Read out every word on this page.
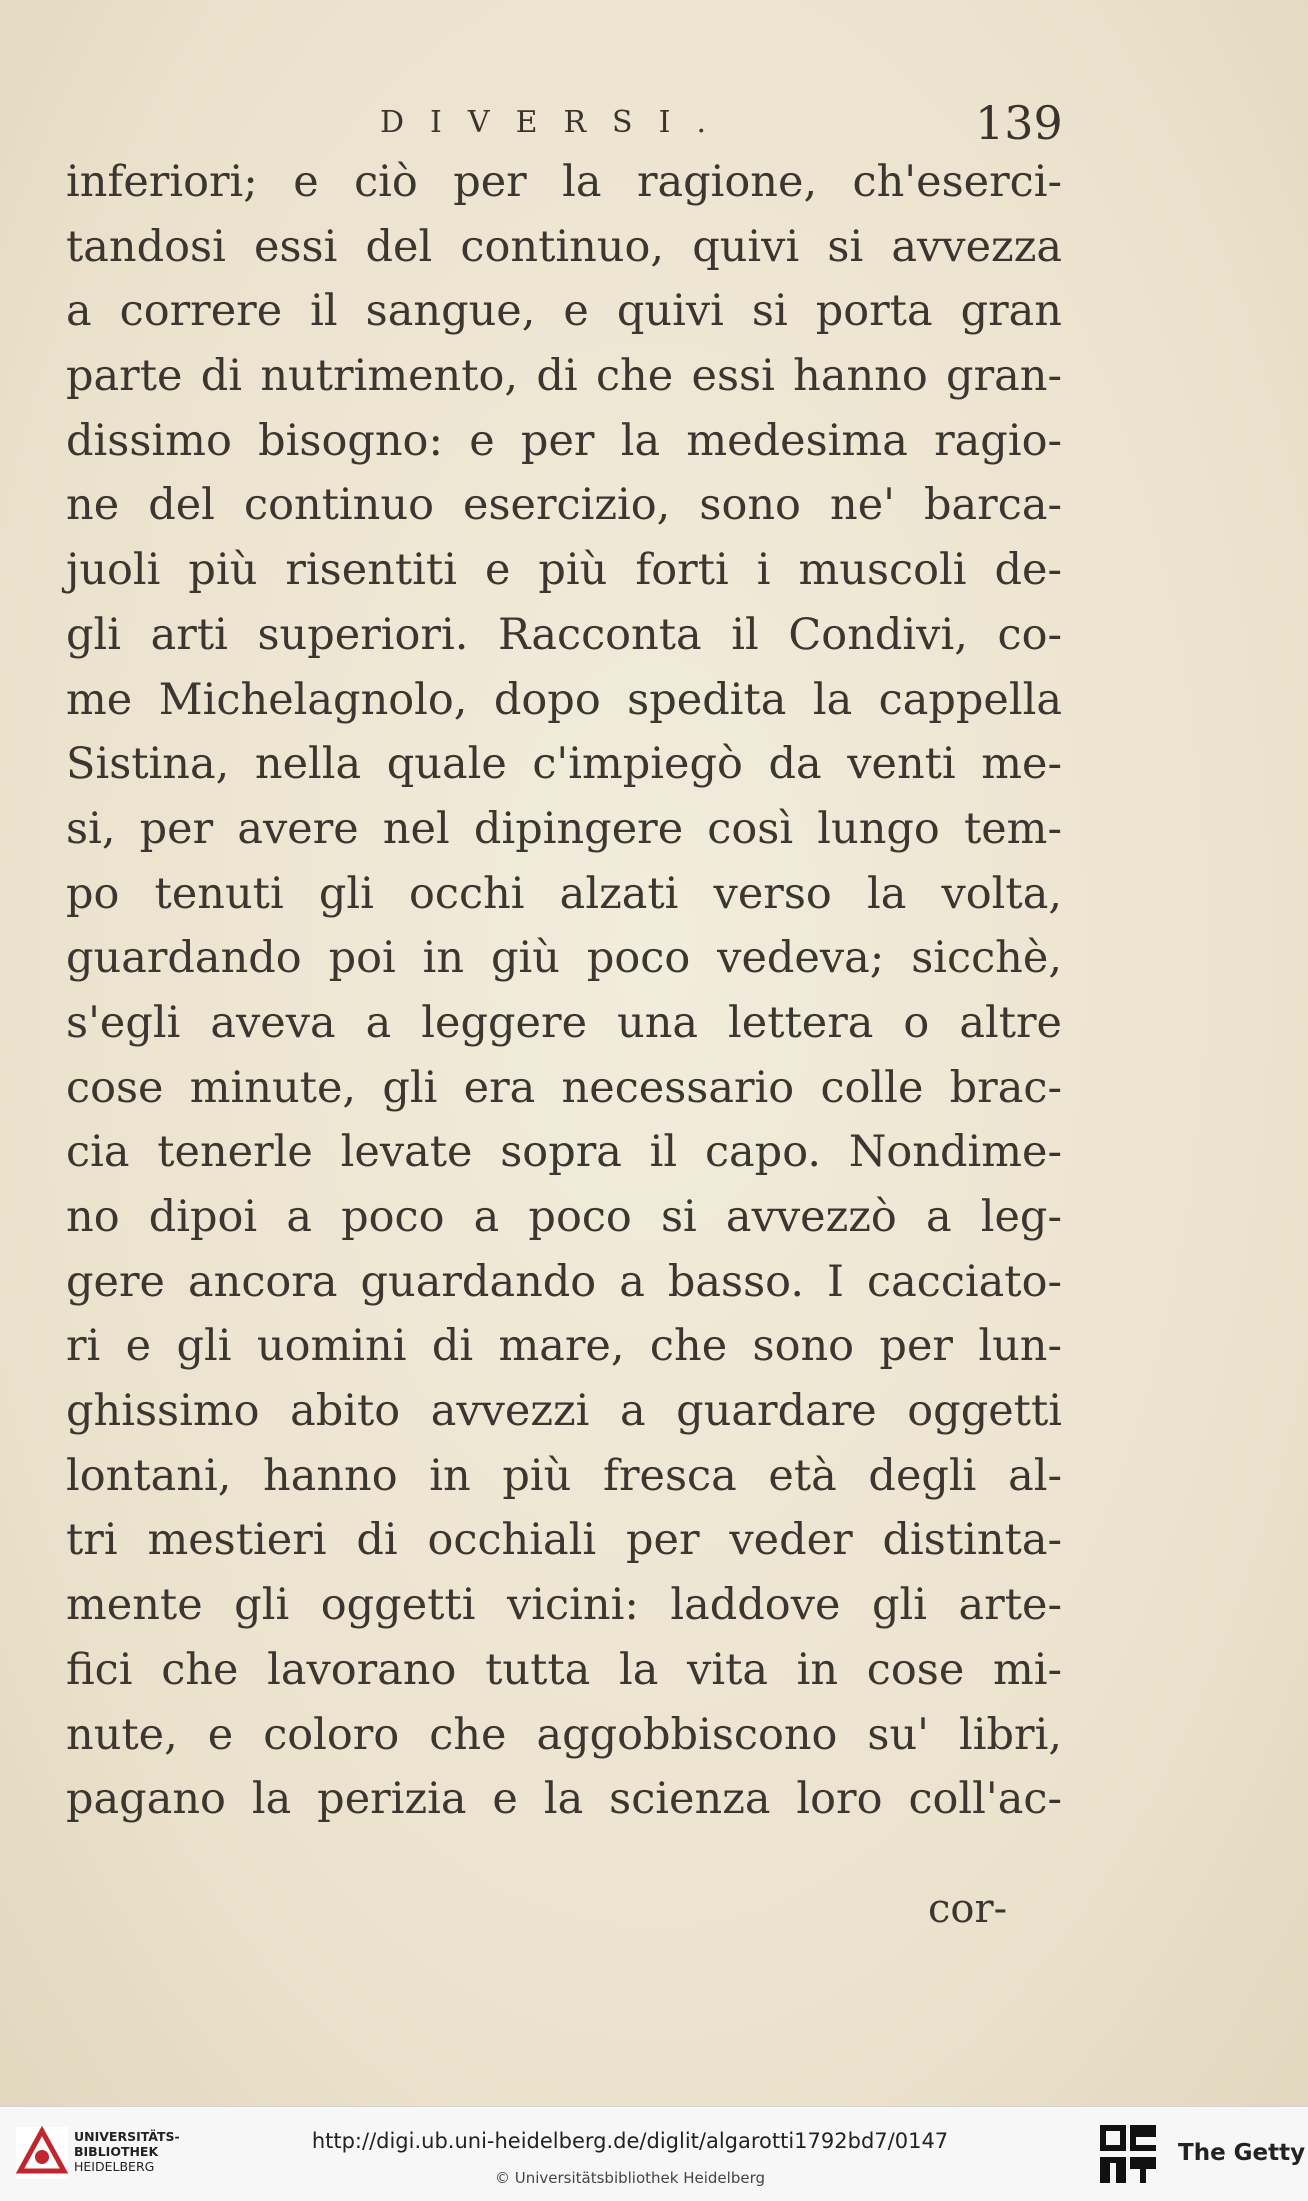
DIVERSI.	139
inferiori; e ciò per la ragione, ch'eserci-
tandosi essi del continuo, quivi si avvezza
a correre il sangue, e quivi si porta gran
parte di nutrimento, di che essi hanno gran-
dissimo bisogno: e per la medesima ragio-
ne del continuo esercizio, sono ne' barca-
juoli più risentiti e più forti i muscoli de-
gli arti superiori. Racconta il Condivi, co-
me Michelagnolo, dopo spedita la cappella
Sistina, nella quale c'impiegò da venti me-
si, per avere nel dipingere così lungo tem-
po tenuti gli occhi alzati verso la volta,
guardando poi in giù poco vedeva; sicchè,
s'egli aveva a leggere una lettera o altre
cose minute, gli era necessario colle brac-
cia tenerle levate sopra il capo. Nondime-
no dipoi a poco a poco si avvezzò a leg-
gere ancora guardando a basso. I cacciato-
ri e gli uomini di mare, che sono per lun-
ghissimo abito avvezzi a guardare oggetti
lontani, hanno in più fresca età degli al-
tri mestieri di occhiali per veder distinta-
mente gli oggetti vicini: laddove gli arte-
fici che lavorano tutta la vita in cose mi-
nute, e coloro che aggobbiscono su' libri,
pagano la perizia e la scienza loro coll'ac-
cor-
UNIVERSITÄTS-
BIBLIOTHEK
HEIDELBERG
http://digi.ub.uni-heidelberg.de/diglit/algarotti1792bd7/0147
© Universitätsbibliothek Heidelberg
The Getty
